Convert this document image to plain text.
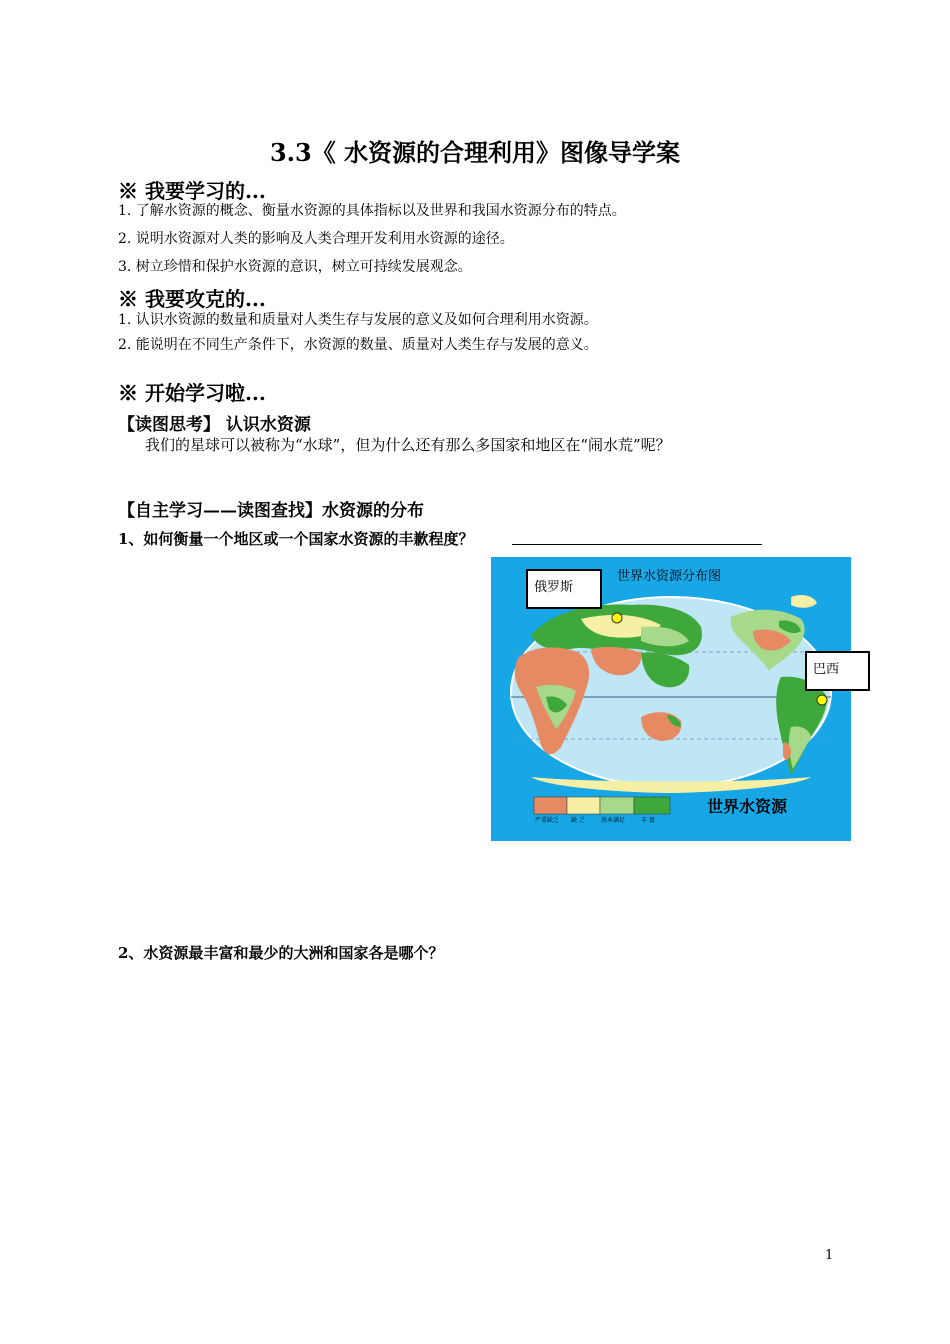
3.3《 水资源的合理利用》图像导学案
※ 我要学习的...
1. 了解水资源的概念、衡量水资源的具体指标以及世界和我国水资源分布的特点。
2. 说明水资源对人类的影响及人类合理开发利用水资源的途径。
3. 树立珍惜和保护水资源的意识，树立可持续发展观念。
※ 我要攻克的...
1. 认识水资源的数量和质量对人类生存与发展的意义及如何合理利用水资源。
2. 能说明在不同生产条件下，水资源的数量、质量对人类生存与发展的意义。
※ 开始学习啦...
【读图思考】 认识水资源
我们的星球可以被称为“水球”，但为什么还有那么多国家和地区在“闹水荒”呢？
【自主学习——读图查找】水资源的分布
1、如何衡量一个地区或一个国家水资源的丰歉程度？
世界水资源分布图
严重缺乏 缺 乏	基本满足	丰 富
世界水资源
俄罗斯
巴西
2、水资源最丰富和最少的大洲和国家各是哪个？
1
